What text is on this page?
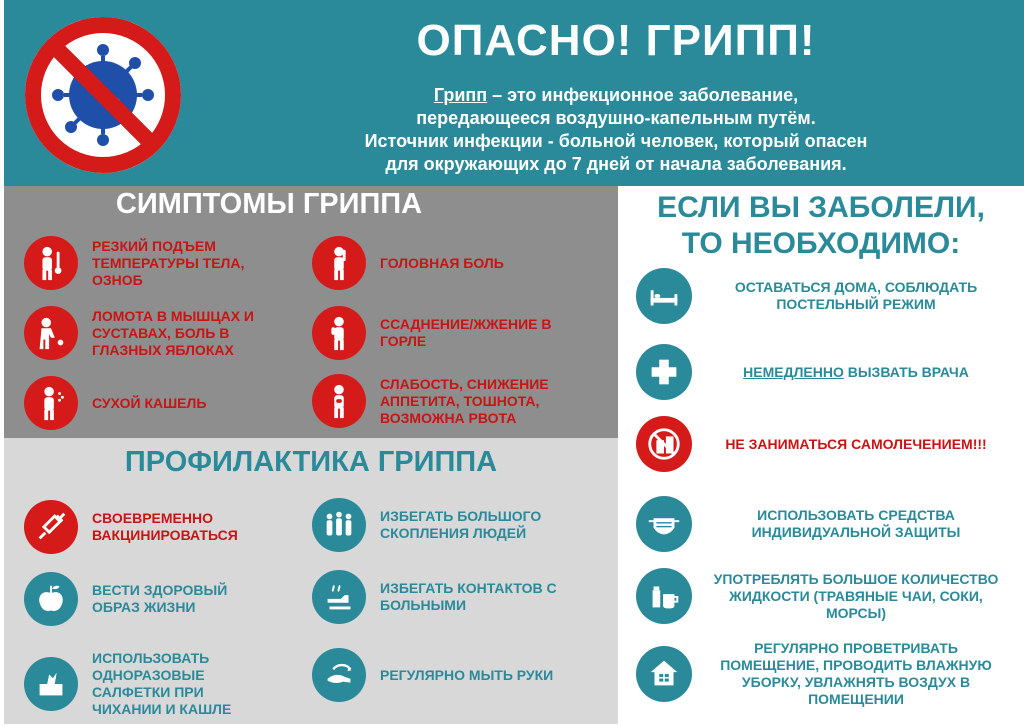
ОПАСНО! ГРИПП!
Грипп – это инфекционное заболевание,
передающееся воздушно-капельным путём.
Источник инфекции - больной человек, который опасен
для окружающих до 7 дней от начала заболевания.
СИМПТОМЫ ГРИППА
ПРОФИЛАКТИКА ГРИППА
ЕСЛИ ВЫ ЗАБОЛЕЛИ,
ТО НЕОБХОДИМО:
РЕЗКИЙ ПОДЪЕМ ТЕМПЕРАТУРЫ ТЕЛА, ОЗНОБ
ГОЛОВНАЯ БОЛЬ
ЛОМОТА В МЫШЦАХ И СУСТАВАХ, БОЛЬ В ГЛАЗНЫХ ЯБЛОКАХ
ССАДНЕНИЕ/ЖЖЕНИЕ В ГОРЛЕ
СУХОЙ КАШЕЛЬ
СЛАБОСТЬ, СНИЖЕНИЕ АППЕТИТА, ТОШНОТА, ВОЗМОЖНА РВОТА
СВОЕВРЕМЕННО ВАКЦИНИРОВАТЬСЯ
ИЗБЕГАТЬ БОЛЬШОГО СКОПЛЕНИЯ ЛЮДЕЙ
ВЕСТИ ЗДОРОВЫЙ ОБРАЗ ЖИЗНИ
ИЗБЕГАТЬ КОНТАКТОВ С БОЛЬНЫМИ
ИСПОЛЬЗОВАТЬ ОДНОРАЗОВЫЕ САЛФЕТКИ ПРИ ЧИХАНИИ И КАШЛЕ
РЕГУЛЯРНО МЫТЬ РУКИ
ОСТАВАТЬСЯ ДОМА, СОБЛЮДАТЬ ПОСТЕЛЬНЫЙ РЕЖИМ
НЕМЕДЛЕННО ВЫЗВАТЬ ВРАЧА
НЕ ЗАНИМАТЬСЯ САМОЛЕЧЕНИЕМ!!!
ИСПОЛЬЗОВАТЬ СРЕДСТВА ИНДИВИДУАЛЬНОЙ ЗАЩИТЫ
УПОТРЕБЛЯТЬ БОЛЬШОЕ КОЛИЧЕСТВО ЖИДКОСТИ (ТРАВЯНЫЕ ЧАИ, СОКИ, МОРСЫ)
РЕГУЛЯРНО ПРОВЕТРИВАТЬ ПОМЕЩЕНИЕ, ПРОВОДИТЬ ВЛАЖНУЮ УБОРКУ, УВЛАЖНЯТЬ ВОЗДУХ В ПОМЕЩЕНИИ
